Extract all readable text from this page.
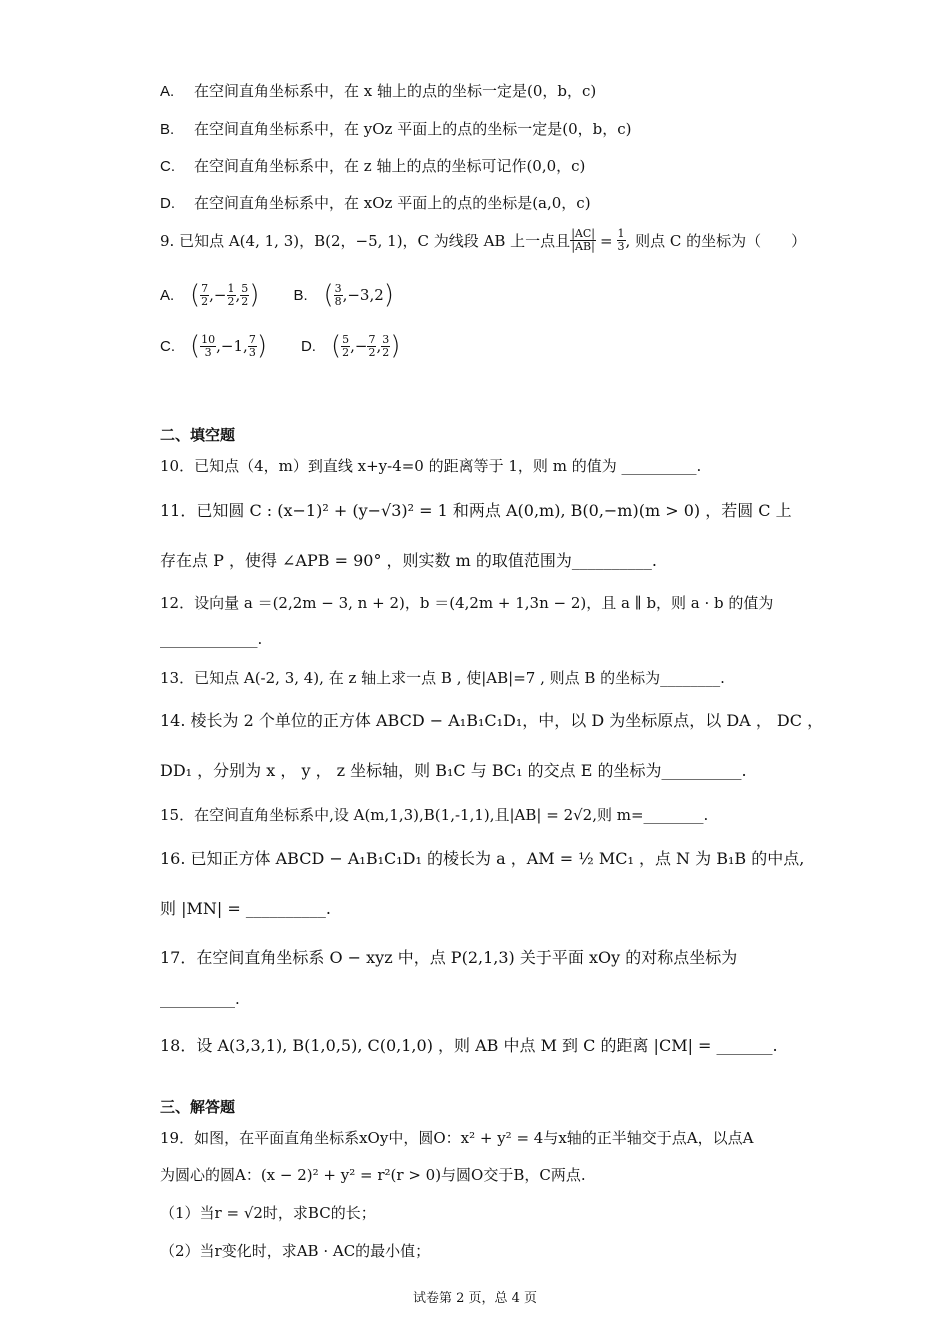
A. 在空间直角坐标系中，在 x 轴上的点的坐标一定是(0，b，c)
B. 在空间直角坐标系中，在 yOz 平面上的点的坐标一定是(0，b，c)
C. 在空间直角坐标系中，在 z 轴上的点的坐标可记作(0,0，c)
D. 在空间直角坐标系中，在 xOz 平面上的点的坐标是(a,0，c)
9. 已知点 A(4, 1, 3)，B(2，−5, 1)，C 为线段 AB 上一点且 $\frac{|AC|}{|AB|} = \frac{1}{3}$ , 则点 C 的坐标为（　　）
A. ( $\frac{7}{2}$ ,− $\frac{1}{2}$ , $\frac{5}{2}$ ) B. ( $\frac{3}{8} ,-3,2$ )
C. ( $\frac{10}{3} ,-1$, $\frac{7}{3}$ ) D. ( $\frac{5}{2}$ ,− $\frac{7}{2}$ , $\frac{3}{2}$ )
二、填空题
10．已知点（4，m）到直线 x+y-4=0 的距离等于 1，则 m 的值为 __________.
11．已知圆 C : (x−1)² + (y−√3)² = 1 和两点 A(0,m), B(0,−m)(m > 0) ，若圆 C 上
存在点 P ，使得 ∠APB = 90° ，则实数 m 的取值范围为__________.
12．设向量 a ＝(2,2m − 3, n + 2)，b ＝(4,2m + 1,3n − 2)，且 a ∥ b，则 a · b 的值为
_____________.
13．已知点 A(-2, 3, 4), 在 z 轴上求一点 B , 使|AB|=7 , 则点 B 的坐标为________.
14. 棱长为 2 个单位的正方体 ABCD − A₁B₁C₁D₁，中，以 D 为坐标原点，以 DA ， DC ，
DD₁ ，分别为 x ， y ， z 坐标轴，则 B₁C 与 BC₁ 的交点 E 的坐标为__________.
15．在空间直角坐标系中,设 A(m,1,3),B(1,-1,1),且|AB| = 2√2,则 m=________.
16. 已知正方体 ABCD − A₁B₁C₁D₁ 的棱长为 a ，AM = ½ MC₁ ，点 N 为 B₁B 的中点,
则 |MN| = __________.
17．在空间直角坐标系 O − xyz 中，点 P(2,1,3) 关于平面 xOy 的对称点坐标为
__________.
18．设 A(3,3,1), B(1,0,5), C(0,1,0) ，则 AB 中点 M 到 C 的距离 |CM| = _______.
三、解答题
19．如图，在平面直角坐标系xOy中，圆O：x² + y² = 4与x轴的正半轴交于点A，以点A
为圆心的圆A：(x − 2)² + y² = r²(r > 0)与圆O交于B，C两点.
（1）当r = √2时，求BC的长；
（2）当r变化时，求AB · AC的最小值；
试卷第 2 页，总 4 页
